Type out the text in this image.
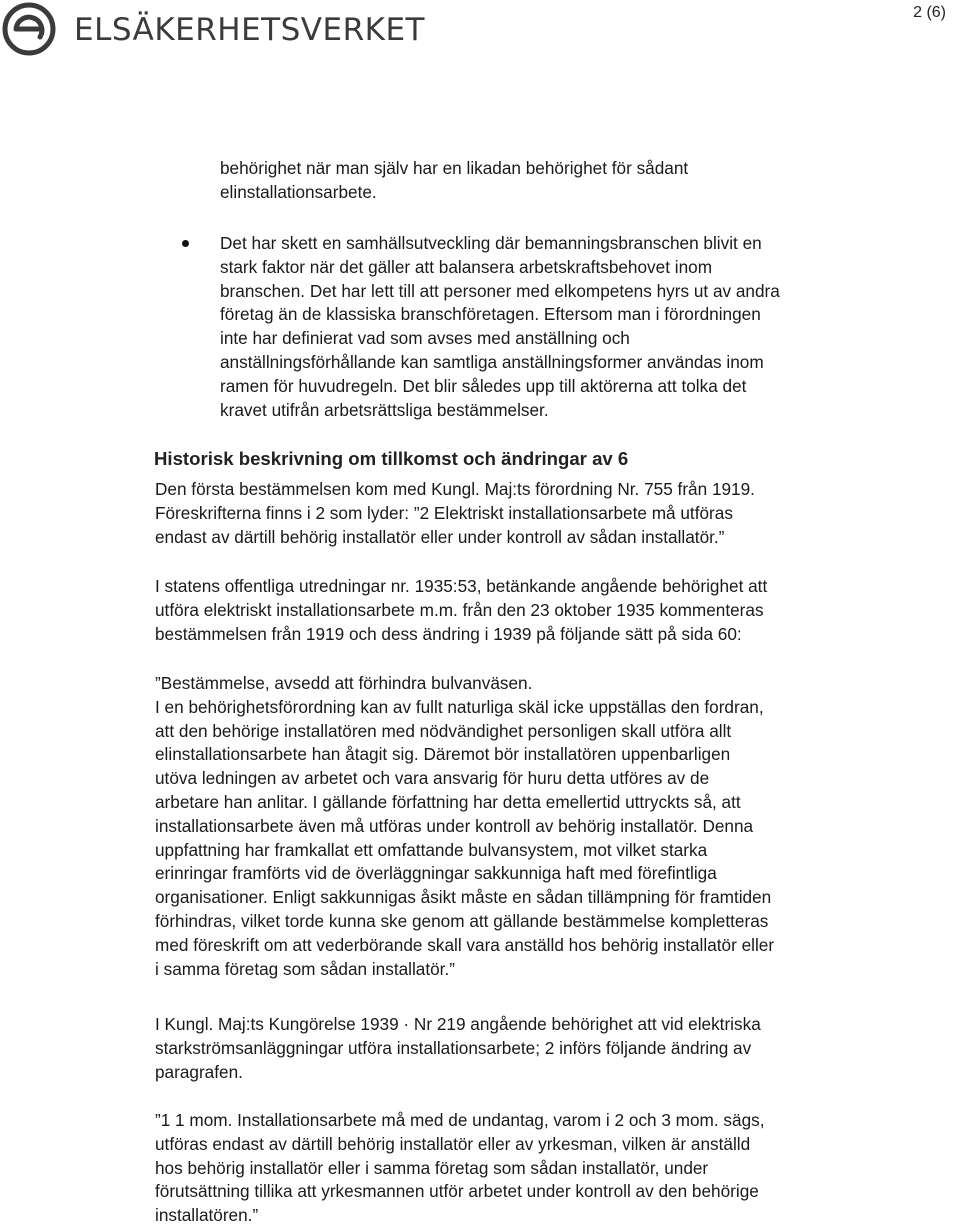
ELSÄKERHETSVERKET	2 (6)

behörighet när man själv har en likadan behörighet för sådant

elinstallationsarbete.

Det har skett en samhällsutveckling där bemanningsbranschen blivit en

stark faktor när det gäller att balansera arbetskraftsbehovet inom

branschen. Det har lett till att personer med elkompetens hyrs ut av andra

företag än de klassiska branschföretagen. Eftersom man i förordningen

inte har definierat vad som avses med anställning och

anställningsförhållande kan samtliga anställningsformer användas inom

ramen för huvudregeln. Det blir således upp till aktörerna att tolka det

kravet utifrån arbetsrättsliga bestämmelser.

Historisk beskrivning om tillkomst och ändringar av 6

Den första bestämmelsen kom med Kungl. Maj:ts förordning Nr. 755 från 1919.

Föreskrifterna finns i 2 som lyder: ”2 Elektriskt installationsarbete må utföras

endast av därtill behörig installatör eller under kontroll av sådan installatör.”

I statens offentliga utredningar nr. 1935:53, betänkande angående behörighet att

utföra elektriskt installationsarbete m.m. från den 23 oktober 1935 kommenteras

bestämmelsen från 1919 och dess ändring i 1939 på följande sätt på sida 60:

”Bestämmelse, avsedd att förhindra bulvanväsen.

I en behörighetsförordning kan av fullt naturliga skäl icke uppställas den fordran,

att den behörige installatören med nödvändighet personligen skall utföra allt

elinstallationsarbete han åtagit sig. Däremot bör installatören uppenbarligen

utöva ledningen av arbetet och vara ansvarig för huru detta utföres av de

arbetare han anlitar. I gällande författning har detta emellertid uttryckts så, att

installationsarbete även må utföras under kontroll av behörig installatör. Denna

uppfattning har framkallat ett omfattande bulvansystem, mot vilket starka

erinringar framförts vid de överläggningar sakkunniga haft med förefintliga

organisationer. Enligt sakkunnigas åsikt måste en sådan tillämpning för framtiden

förhindras, vilket torde kunna ske genom att gällande bestämmelse kompletteras

med föreskrift om att vederbörande skall vara anställd hos behörig installatör eller

i samma företag som sådan installatör.”

I Kungl. Maj:ts Kungörelse 1939 · Nr 219 angående behörighet att vid elektriska

starkströmsanläggningar utföra installationsarbete; 2 införs följande ändring av

paragrafen.

”1 1 mom. Installationsarbete må med de undantag, varom i 2 och 3 mom. sägs,

utföras endast av därtill behörig installatör eller av yrkesman, vilken är anställd

hos behörig installatör eller i samma företag som sådan installatör, under

förutsättning tillika att yrkesmannen utför arbetet under kontroll av den behörige

installatören.”
